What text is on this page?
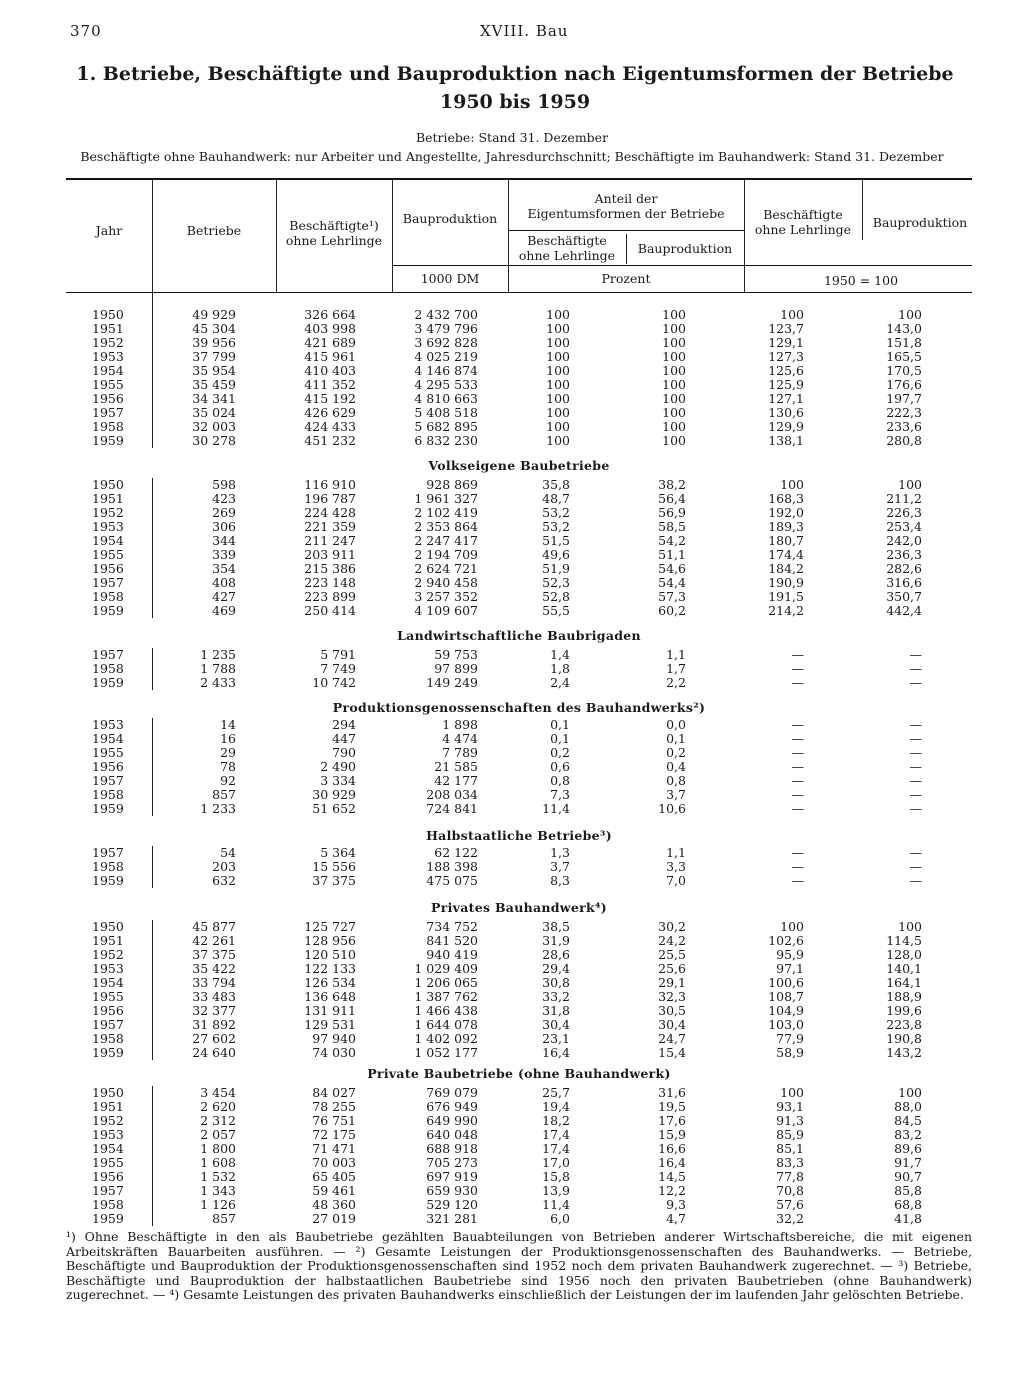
370	XVIII. Bau
1. Betriebe, Beschäftigte und Bauproduktion nach Eigentumsformen der Betriebe
1950 bis 1959
Betriebe: Stand 31. Dezember
Beschäftigte ohne Bauhandwerk: nur Arbeiter und Angestellte, Jahresdurchschnitt; Beschäftigte im Bauhandwerk: Stand 31. Dezember
Jahr	Betriebe	Beschäftigte¹)
ohne Lehrlinge
Bauproduktion
Anteil der
Eigentumsformen der Betriebe
Beschäftigte
ohne Lehrlinge	Bauproduktion
Beschäftigte
ohne Lehrlinge	Bauproduktion
1000 DM	Prozent	1950 = 100
1950	49 929	326 664	2 432 700	100	100	100	100
1951	45 304	403 998	3 479 796	100	100	123,7	143,0
1952	39 956	421 689	3 692 828	100	100	129,1	151,8
1953	37 799	415 961	4 025 219	100	100	127,3	165,5
1954	35 954	410 403	4 146 874	100	100	125,6	170,5
1955	35 459	411 352	4 295 533	100	100	125,9	176,6
1956	34 341	415 192	4 810 663	100	100	127,1	197,7
1957	35 024	426 629	5 408 518	100	100	130,6	222,3
1958	32 003	424 433	5 682 895	100	100	129,9	233,6
1959	30 278	451 232	6 832 230	100	100	138,1	280,8
Volkseigene Baubetriebe
1950	598	116 910	928 869	35,8	38,2	100	100
1951	423	196 787	1 961 327	48,7	56,4	168,3	211,2
1952	269	224 428	2 102 419	53,2	56,9	192,0	226,3
1953	306	221 359	2 353 864	53,2	58,5	189,3	253,4
1954	344	211 247	2 247 417	51,5	54,2	180,7	242,0
1955	339	203 911	2 194 709	49,6	51,1	174,4	236,3
1956	354	215 386	2 624 721	51,9	54,6	184,2	282,6
1957	408	223 148	2 940 458	52,3	54,4	190,9	316,6
1958	427	223 899	3 257 352	52,8	57,3	191,5	350,7
1959	469	250 414	4 109 607	55,5	60,2	214,2	442,4
Landwirtschaftliche Baubrigaden
1957	1 235	5 791	59 753	1,4	1,1	—	—
1958	1 788	7 749	97 899	1,8	1,7	—	—
1959	2 433	10 742	149 249	2,4	2,2	—	—
Produktionsgenossenschaften des Bauhandwerks²)
1953	14	294	1 898	0,1	0,0	—	—
1954	16	447	4 474	0,1	0,1	—	—
1955	29	790	7 789	0,2	0,2	—	—
1956	78	2 490	21 585	0,6	0,4	—	—
1957	92	3 334	42 177	0,8	0,8	—	—
1958	857	30 929	208 034	7,3	3,7	—	—
1959	1 233	51 652	724 841	11,4	10,6	—	—
Halbstaatliche Betriebe³)
1957	54	5 364	62 122	1,3	1,1	—	—
1958	203	15 556	188 398	3,7	3,3	—	—
1959	632	37 375	475 075	8,3	7,0	—	—
Privates Bauhandwerk⁴)
1950	45 877	125 727	734 752	38,5	30,2	100	100
1951	42 261	128 956	841 520	31,9	24,2	102,6	114,5
1952	37 375	120 510	940 419	28,6	25,5	95,9	128,0
1953	35 422	122 133	1 029 409	29,4	25,6	97,1	140,1
1954	33 794	126 534	1 206 065	30,8	29,1	100,6	164,1
1955	33 483	136 648	1 387 762	33,2	32,3	108,7	188,9
1956	32 377	131 911	1 466 438	31,8	30,5	104,9	199,6
1957	31 892	129 531	1 644 078	30,4	30,4	103,0	223,8
1958	27 602	97 940	1 402 092	23,1	24,7	77,9	190,8
1959	24 640	74 030	1 052 177	16,4	15,4	58,9	143,2
Private Baubetriebe (ohne Bauhandwerk)
1950	3 454	84 027	769 079	25,7	31,6	100	100
1951	2 620	78 255	676 949	19,4	19,5	93,1	88,0
1952	2 312	76 751	649 990	18,2	17,6	91,3	84,5
1953	2 057	72 175	640 048	17,4	15,9	85,9	83,2
1954	1 800	71 471	688 918	17,4	16,6	85,1	89,6
1955	1 608	70 003	705 273	17,0	16,4	83,3	91,7
1956	1 532	65 405	697 919	15,8	14,5	77,8	90,7
1957	1 343	59 461	659 930	13,9	12,2	70,8	85,8
1958	1 126	48 360	529 120	11,4	9,3	57,6	68,8
1959	857	27 019	321 281	6,0	4,7	32,2	41,8
¹) Ohne Beschäftigte in den als Baubetriebe gezählten Bauabteilungen von Betrieben anderer Wirtschaftsbereiche, die mit eigenen Arbeitskräften Bauarbeiten ausführen. — ²) Gesamte Leistungen der Produktionsgenossenschaften des Bauhandwerks. — Betriebe, Beschäftigte und Bauproduktion der Produktionsgenossenschaften sind 1952 noch dem privaten Bauhandwerk zugerechnet. — ³) Betriebe, Beschäftigte und Bauproduktion der halbstaatlichen Baubetriebe sind 1956 noch den privaten Baubetrieben (ohne Bauhandwerk) zugerechnet. — ⁴) Gesamte Leistungen des privaten Bauhandwerks einschließlich der Leistungen der im laufenden Jahr gelöschten Betriebe.
